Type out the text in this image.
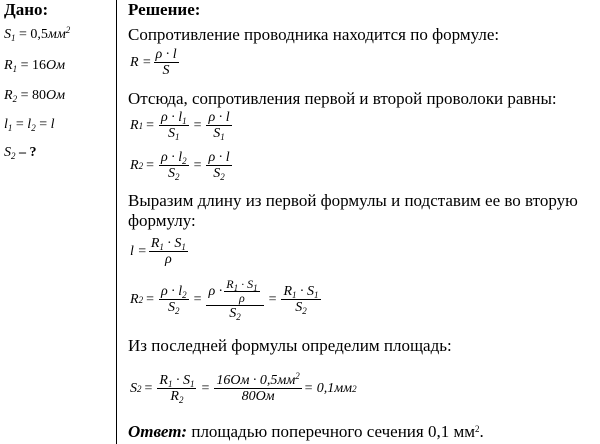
Дано:
$S_1 = 0,5мм^2$
$R_1 = 16Ом$
$R_2 = 80Ом$
$l_1 = l_2 = l$
$S_2$ – ?
Решение:
Сопротивление проводника находится по формуле:
$R = \frac{\rho \cdot l}{S}$
Отсюда, сопротивления первой и второй проволоки равны:
R $1 = \frac{\rho \cdot l_1}{S_1} = \frac{\rho \cdot l}{S_1}$
R $2 = \frac{\rho \cdot l_2}{S_2} = \frac{\rho \cdot l}{S_2}$
Выразим длину из первой формулы и подставим ее во вторую формулу:
$l = \frac{R_1 \cdot S_1}{\rho}$
R $2 = \frac{\rho \cdot l_2}{S_2} = \frac{\rho \cdot \frac{R_1 \cdot S_1}{\rho}}{S_2} = \frac{R_1 \cdot S_1}{S_2}$
Из последней формулы определим площадь:
S $2 = \frac{R_1 \cdot S_1}{R_2} = \frac{16Ом \cdot 0,5мм^2}{80Ом} = 0,1мм$ 2
Ответ: площадью поперечного сечения 0,1 $мм^2$.
